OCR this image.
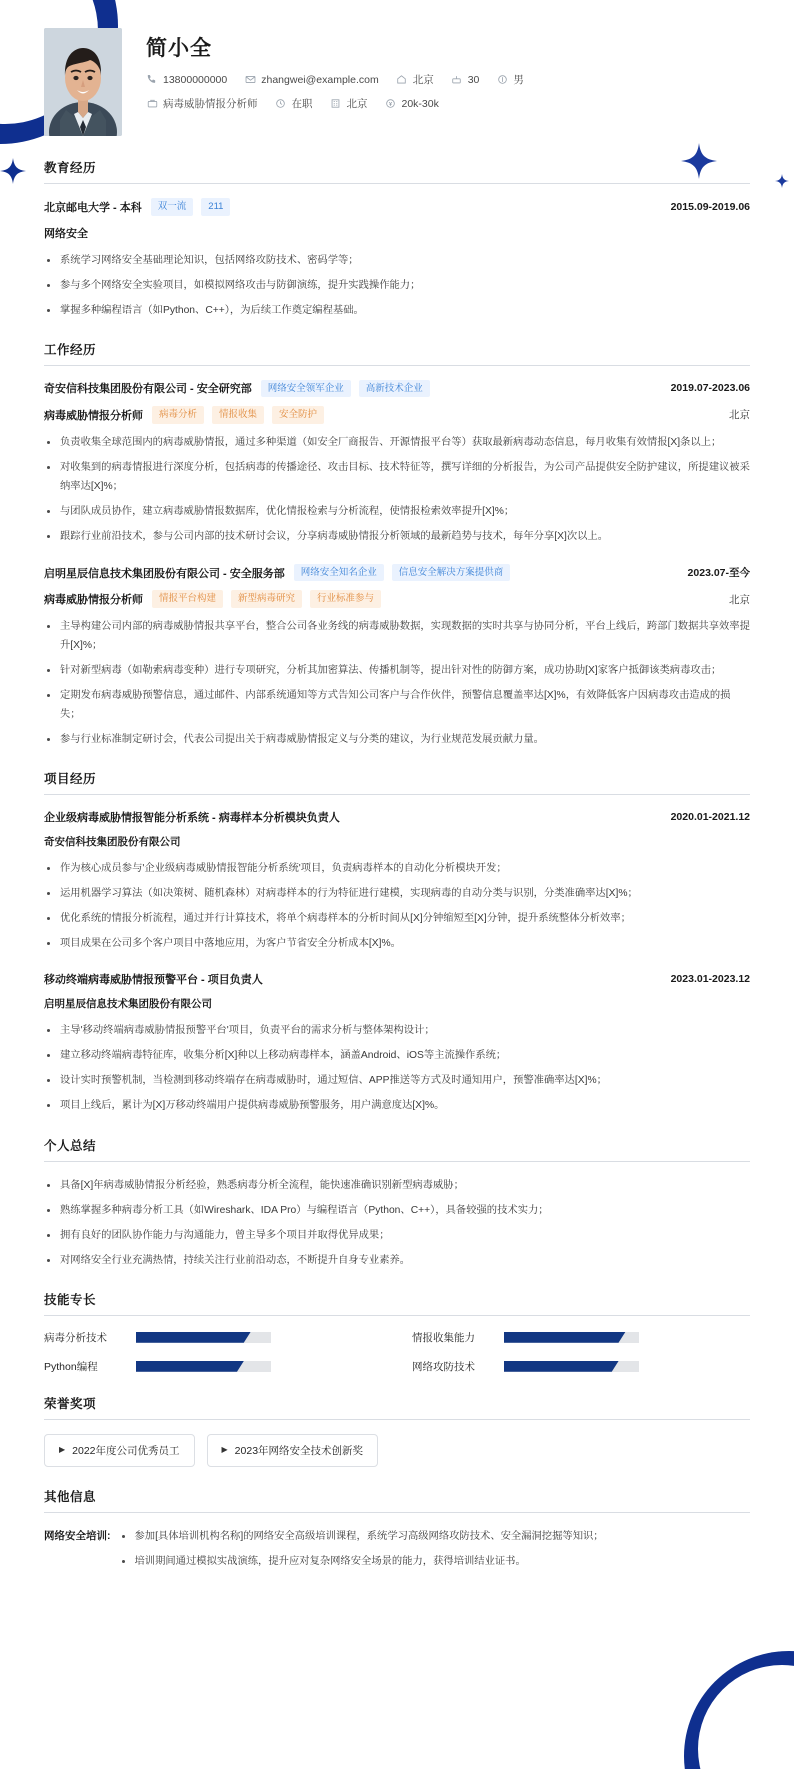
简小全
13800000000	zhangwei@example.com	北京	30	男
病毒威胁情报分析师	在职	北京	20k-30k
教育经历
北京邮电大学 - 本科	双一流	211	2015.09-2019.06
网络安全
系统学习网络安全基础理论知识，包括网络攻防技术、密码学等；
参与多个网络安全实验项目，如模拟网络攻击与防御演练，提升实践操作能力；
掌握多种编程语言（如Python、C++），为后续工作奠定编程基础。
工作经历
奇安信科技集团股份有限公司 - 安全研究部	网络安全领军企业	高新技术企业	2019.07-2023.06
病毒威胁情报分析师	病毒分析	情报收集	安全防护	北京
负责收集全球范围内的病毒威胁情报，通过多种渠道（如安全厂商报告、开源情报平台等）获取最新病毒动态信息，每月收集有效情报[X]条以上；
对收集到的病毒情报进行深度分析，包括病毒的传播途径、攻击目标、技术特征等，撰写详细的分析报告，为公司产品提供安全防护建议，所提建议被采纳率达[X]%；
与团队成员协作，建立病毒威胁情报数据库，优化情报检索与分析流程，使情报检索效率提升[X]%；
跟踪行业前沿技术，参与公司内部的技术研讨会议，分享病毒威胁情报分析领域的最新趋势与技术，每年分享[X]次以上。
启明星辰信息技术集团股份有限公司 - 安全服务部	网络安全知名企业	信息安全解决方案提供商	2023.07-至今
病毒威胁情报分析师	情报平台构建	新型病毒研究	行业标准参与	北京
主导构建公司内部的病毒威胁情报共享平台，整合公司各业务线的病毒威胁数据，实现数据的实时共享与协同分析，平台上线后，跨部门数据共享效率提升[X]%；
针对新型病毒（如勒索病毒变种）进行专项研究，分析其加密算法、传播机制等，提出针对性的防御方案，成功协助[X]家客户抵御该类病毒攻击；
定期发布病毒威胁预警信息，通过邮件、内部系统通知等方式告知公司客户与合作伙伴，预警信息覆盖率达[X]%，有效降低客户因病毒攻击造成的损失；
参与行业标准制定研讨会，代表公司提出关于病毒威胁情报定义与分类的建议，为行业规范发展贡献力量。
项目经历
企业级病毒威胁情报智能分析系统 - 病毒样本分析模块负责人	2020.01-2021.12
奇安信科技集团股份有限公司
作为核心成员参与'企业级病毒威胁情报智能分析系统'项目，负责病毒样本的自动化分析模块开发；
运用机器学习算法（如决策树、随机森林）对病毒样本的行为特征进行建模，实现病毒的自动分类与识别，分类准确率达[X]%；
优化系统的情报分析流程，通过并行计算技术，将单个病毒样本的分析时间从[X]分钟缩短至[X]分钟，提升系统整体分析效率；
项目成果在公司多个客户项目中落地应用，为客户节省安全分析成本[X]%。
移动终端病毒威胁情报预警平台 - 项目负责人	2023.01-2023.12
启明星辰信息技术集团股份有限公司
主导'移动终端病毒威胁情报预警平台'项目，负责平台的需求分析与整体架构设计；
建立移动终端病毒特征库，收集分析[X]种以上移动病毒样本，涵盖Android、iOS等主流操作系统；
设计实时预警机制，当检测到移动终端存在病毒威胁时，通过短信、APP推送等方式及时通知用户，预警准确率达[X]%；
项目上线后，累计为[X]万移动终端用户提供病毒威胁预警服务，用户满意度达[X]%。
个人总结
具备[X]年病毒威胁情报分析经验，熟悉病毒分析全流程，能快速准确识别新型病毒威胁；
熟练掌握多种病毒分析工具（如Wireshark、IDA Pro）与编程语言（Python、C++），具备较强的技术实力；
拥有良好的团队协作能力与沟通能力，曾主导多个项目并取得优异成果；
对网络安全行业充满热情，持续关注行业前沿动态，不断提升自身专业素养。
技能专长
病毒分析技术	情报收集能力
Python编程	网络攻防技术
荣誉奖项
▶ 2022年度公司优秀员工	▶ 2023年网络安全技术创新奖
其他信息
网络安全培训:	参加[具体培训机构名称]的网络安全高级培训课程，系统学习高级网络攻防技术、安全漏洞挖掘等知识；
培训期间通过模拟实战演练，提升应对复杂网络安全场景的能力，获得培训结业证书。
